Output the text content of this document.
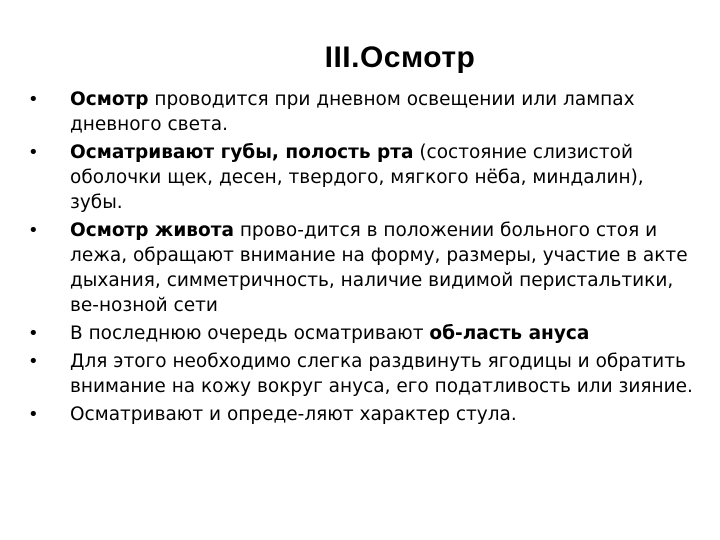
III.Осмотр
•	Осмотр проводится при дневном освещении или лампах дневного света.
•	Осматривают губы, полость рта (состояние слизистой оболочки щек, десен, твердого, мягкого нёба, миндалин), зубы.
•	Осмотр живота прово-дится в положении больного стоя и лежа, обращают внимание на форму, размеры, участие в акте дыхания, симметричность, наличие видимой перистальтики, ве-нозной сети
•	В последнюю очередь осматривают об-ласть ануса
•	Для этого необходимо слегка раздвинуть ягодицы и обратить внимание на кожу вокруг ануса, его податливость или зияние.
•	Осматривают и опреде-ляют характер стула.
